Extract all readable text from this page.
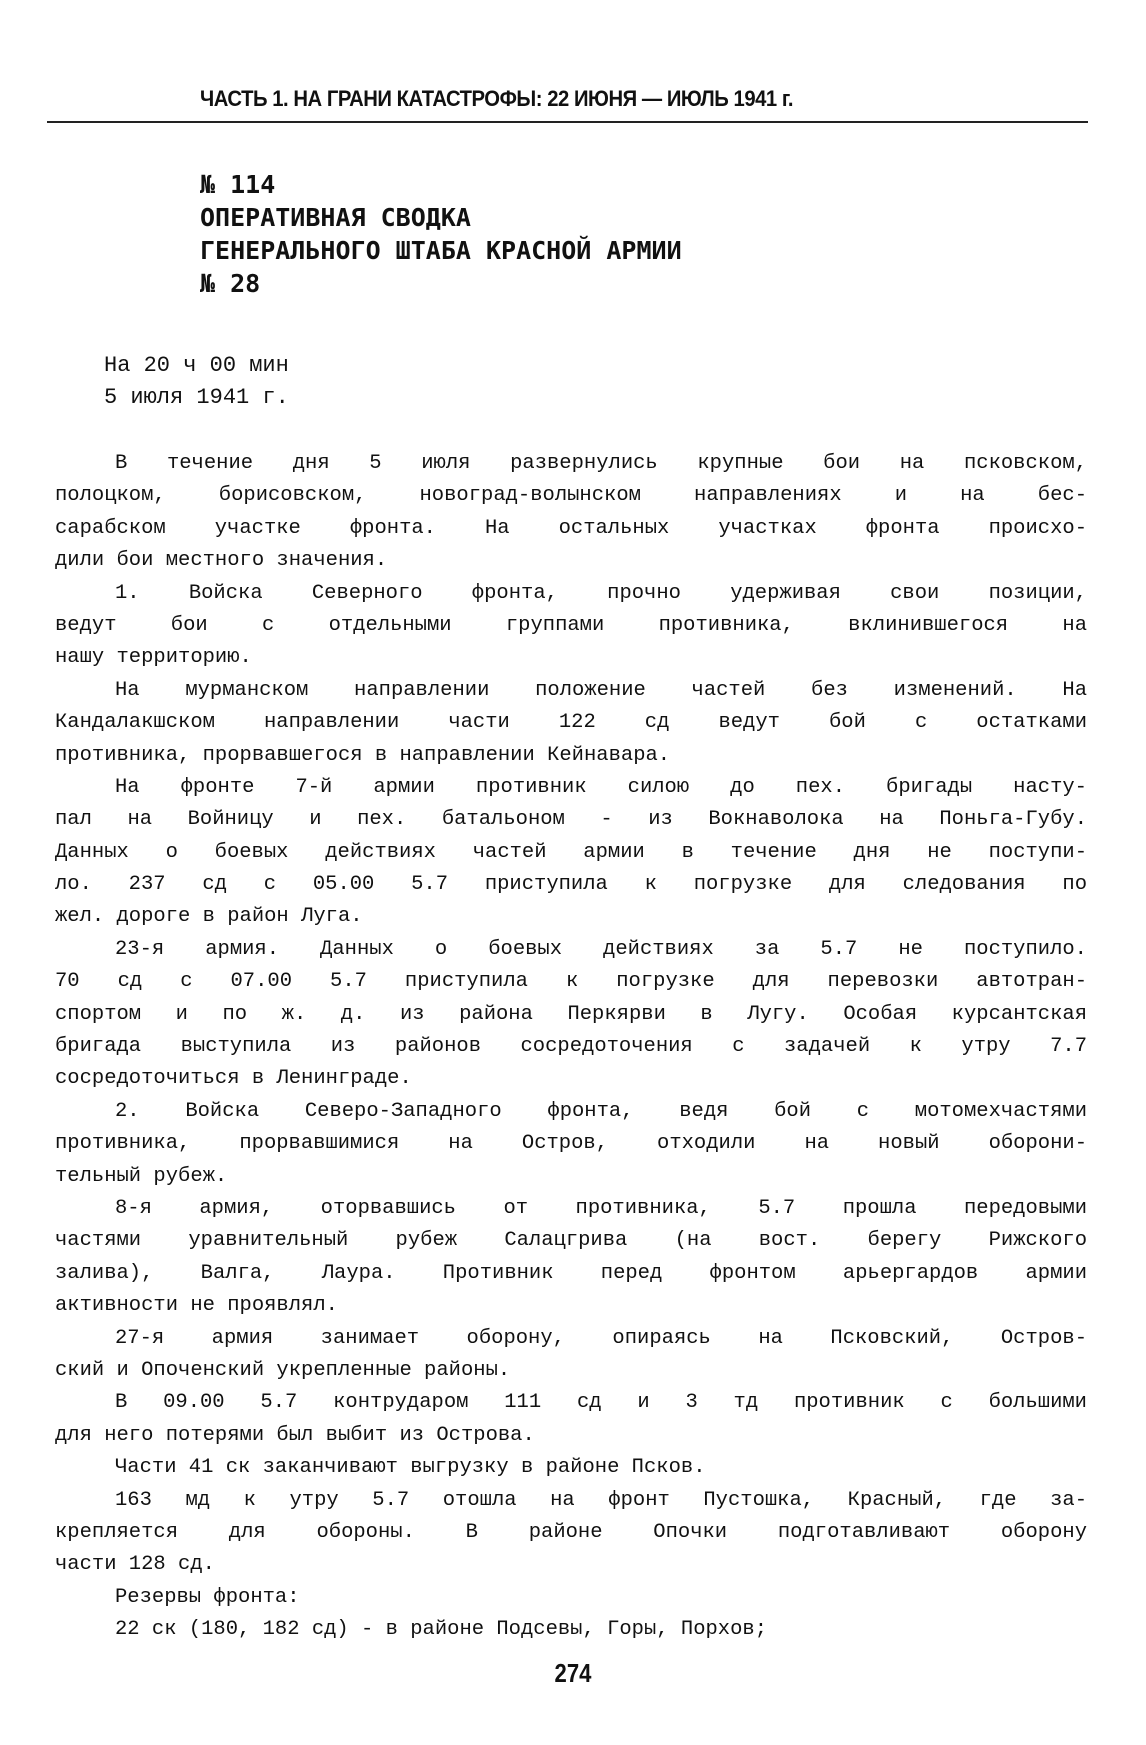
ЧАСТЬ 1. НА ГРАНИ КАТАСТРОФЫ: 22 ИЮНЯ — ИЮЛЬ 1941 г.
№ 114
ОПЕРАТИВНАЯ СВОДКА
ГЕНЕРАЛЬНОГО ШТАБА КРАСНОЙ АРМИИ
№ 28
На 20 ч 00 мин
5 июля 1941 г.
В течение дня 5 июля развернулись крупные бои на псковском,
полоцком, борисовском, новоград-волынском направлениях и на бес-
сарабском участке фронта. На остальных участках фронта происхо-
дили бои местного значения.
1. Войска Северного фронта, прочно удерживая свои позиции,
ведут бои с отдельными группами противника, вклинившегося на
нашу территорию.
На мурманском направлении положение частей без изменений. На
Кандалакшском направлении части 122 сд ведут бой с остатками
противника, прорвавшегося в направлении Кейнавара.
На фронте 7-й армии противник силою до пех. бригады насту-
пал на Войницу и пех. батальоном - из Вокнаволока на Поньга-Губу.
Данных о боевых действиях частей армии в течение дня не поступи-
ло. 237 сд с 05.00 5.7 приступила к погрузке для следования по
жел. дороге в район Луга.
23-я армия. Данных о боевых действиях за 5.7 не поступило.
70 сд с 07.00 5.7 приступила к погрузке для перевозки автотран-
спортом и по ж. д. из района Перкярви в Лугу. Особая курсантская
бригада выступила из районов сосредоточения с задачей к утру 7.7
сосредоточиться в Ленинграде.
2. Войска Северо-Западного фронта, ведя бой с мотомехчастями
противника, прорвавшимися на Остров, отходили на новый оборони-
тельный рубеж.
8-я армия, оторвавшись от противника, 5.7 прошла передовыми
частями уравнительный рубеж Салацгрива (на вост. берегу Рижского
залива), Валга, Лаура. Противник перед фронтом арьергардов армии
активности не проявлял.
27-я армия занимает оборону, опираясь на Псковский, Остров-
ский и Опоченский укрепленные районы.
В 09.00 5.7 контрударом 111 сд и 3 тд противник с большими
для него потерями был выбит из Острова.
Части 41 ск заканчивают выгрузку в районе Псков.
163 мд к утру 5.7 отошла на фронт Пустошка, Красный, где за-
крепляется для обороны. В районе Опочки подготавливают оборону
части 128 сд.
Резервы фронта:
22 ск (180, 182 сд) - в районе Подсевы, Горы, Порхов;
274
